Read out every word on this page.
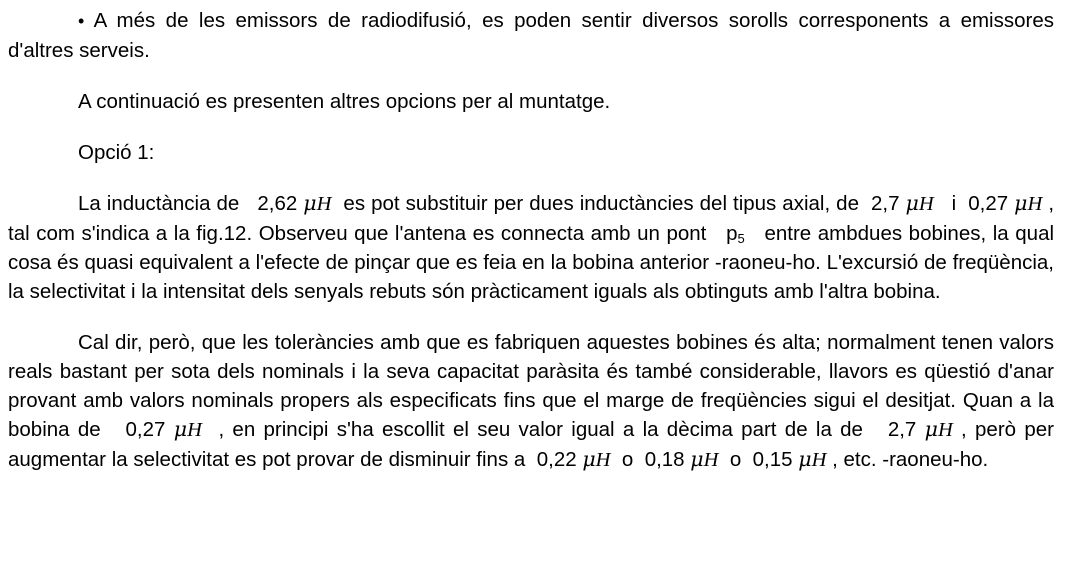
• A més de les emissors de radiodifusió, es poden sentir diversos sorolls corresponents a emissores d'altres serveis.

A continuació es presenten altres opcions per al muntatge.

Opció 1:

La inductància de 2,62 μH es pot substituir per dues inductàncies del tipus axial, de 2,7 μH i 0,27 μH , tal com s'indica a la fig.12. Observeu que l'antena es connecta amb un pont $p_5$ entre ambdues bobines, la qual cosa és quasi equivalent a l'efecte de pinçar que es feia en la bobina anterior -raoneu-ho. L'excursió de freqüència, la selectivitat i la intensitat dels senyals rebuts són pràcticament iguals als obtinguts amb l'altra bobina.

Cal dir, però, que les toleràncies amb que es fabriquen aquestes bobines és alta; normalment tenen valors reals bastant per sota dels nominals i la seva capacitat paràsita és també considerable, llavors es qüestió d'anar provant amb valors nominals propers als especificats fins que el marge de freqüències sigui el desitjat. Quan a la bobina de 0,27 μH , en principi s'ha escollit el seu valor igual a la dècima part de la de 2,7 μH , però per augmentar la selectivitat es pot provar de disminuir fins a 0,22 μH o 0,18 μH o 0,15 μH , etc. -raoneu-ho.
